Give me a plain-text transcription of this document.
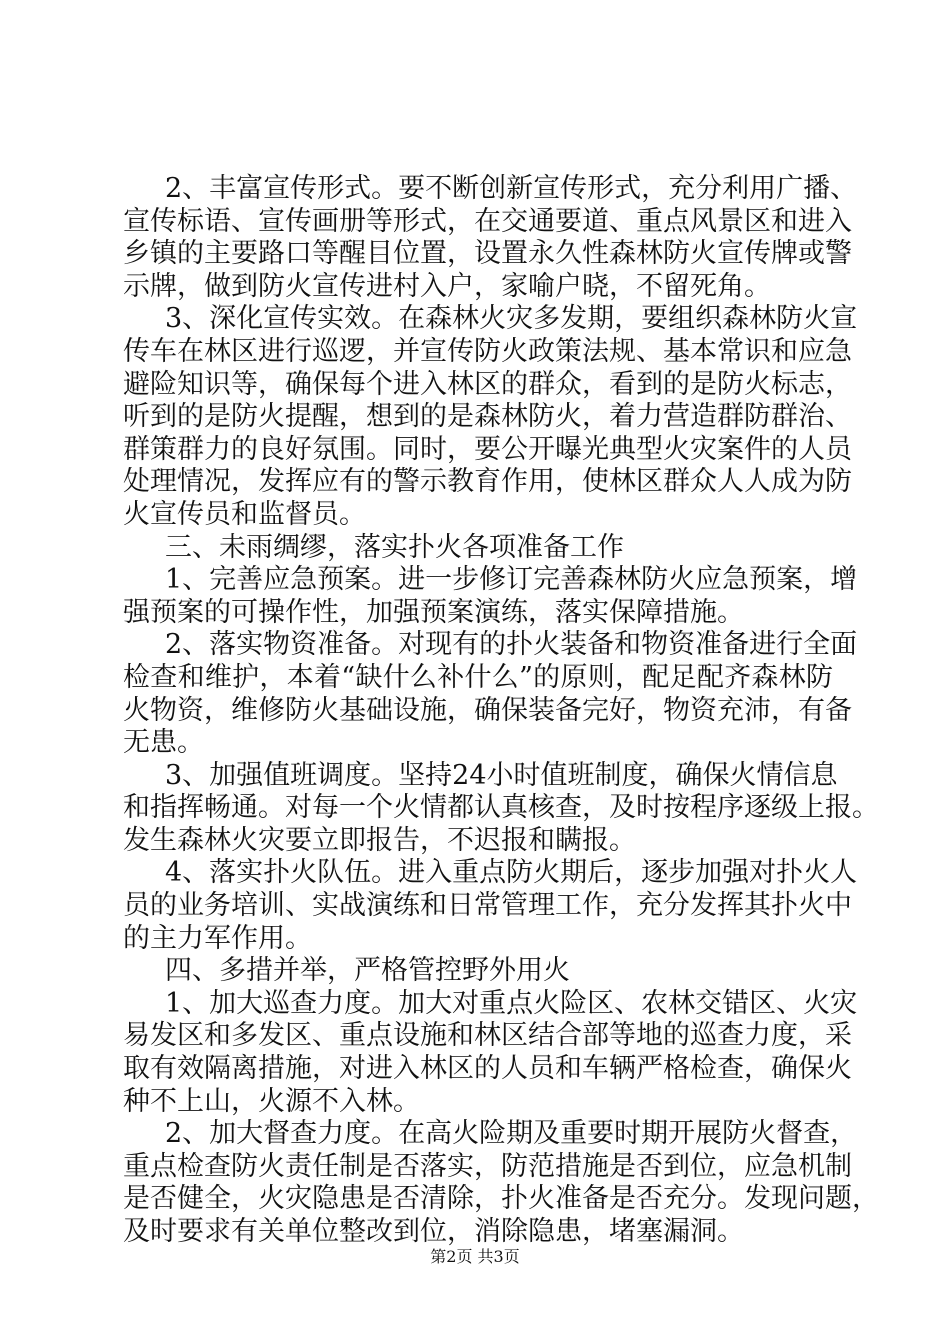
2、丰富宣传形式。要不断创新宣传形式，充分利用广播、
宣传标语、宣传画册等形式，在交通要道、重点风景区和进入
乡镇的主要路口等醒目位置，设置永久性森林防火宣传牌或警
示牌，做到防火宣传进村入户，家喻户晓，不留死角。
3、深化宣传实效。在森林火灾多发期，要组织森林防火宣
传车在林区进行巡逻，并宣传防火政策法规、基本常识和应急
避险知识等，确保每个进入林区的群众，看到的是防火标志，
听到的是防火提醒，想到的是森林防火，着力营造群防群治、
群策群力的良好氛围。同时，要公开曝光典型火灾案件的人员
处理情况，发挥应有的警示教育作用，使林区群众人人成为防
火宣传员和监督员。
三、未雨绸缪，落实扑火各项准备工作
1、完善应急预案。进一步修订完善森林防火应急预案，增
强预案的可操作性，加强预案演练，落实保障措施。
2、落实物资准备。对现有的扑火装备和物资准备进行全面
检查和维护，本着“缺什么补什么”的原则，配足配齐森林防
火物资，维修防火基础设施，确保装备完好，物资充沛，有备
无患。
3、加强值班调度。坚持24小时值班制度，确保火情信息
和指挥畅通。对每一个火情都认真核查，及时按程序逐级上报。
发生森林火灾要立即报告，不迟报和瞒报。
4、落实扑火队伍。进入重点防火期后，逐步加强对扑火人
员的业务培训、实战演练和日常管理工作，充分发挥其扑火中
的主力军作用。
四、多措并举，严格管控野外用火
1、加大巡查力度。加大对重点火险区、农林交错区、火灾
易发区和多发区、重点设施和林区结合部等地的巡查力度，采
取有效隔离措施，对进入林区的人员和车辆严格检查，确保火
种不上山，火源不入林。
2、加大督查力度。在高火险期及重要时期开展防火督查，
重点检查防火责任制是否落实，防范措施是否到位，应急机制
是否健全，火灾隐患是否清除，扑火准备是否充分。发现问题，
及时要求有关单位整改到位，消除隐患，堵塞漏洞。
第2页 共3页
